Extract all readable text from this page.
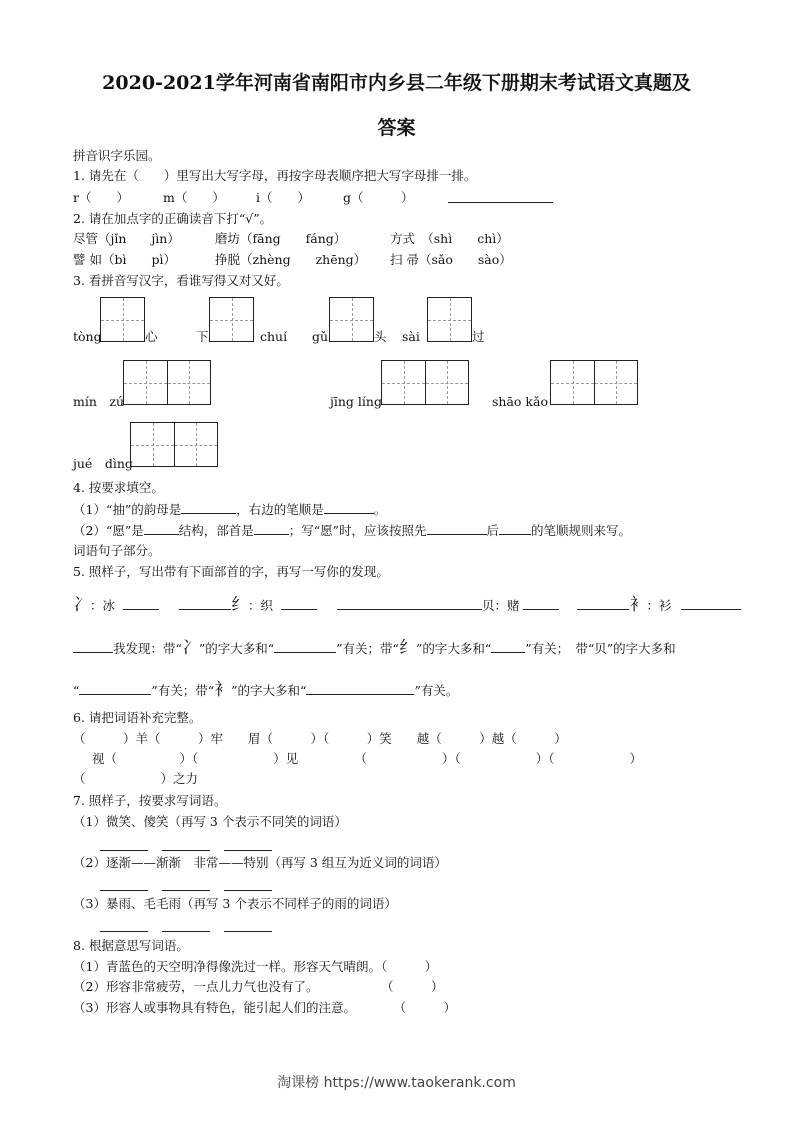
2020-2021学年河南省南阳市内乡县二年级下册期末考试语文真题及
答案
拼音识字乐园。
1. 请先在（　　）里写出大写字母，再按字母表顺序把大写字母排一排。
r（　　）	m（　　） i（　　）	g（　　　）
2. 请在加点字的正确读音下打“√”。
尽管（jǐn　　jìn）	磨坊（fāng　　fáng）	方式　（shì　　chì）
譬 如（bì　　pì）	挣脱（zhèng　　zhēng） 扫 帚（sǎo　　sào）
3. 看拼音写汉字，看谁写得又对又好。
tòng	心	下	chuí gǔ	头 sài	过
mín　zú	jīng líng	shāo kǎo
jué　dìng
4. 按要求填空。
（1）“抽”的韵母是	，右边的笔顺是	。
（2）“愿”是	结构，部首是	；写“愿”时，应该按照先	后	的笔顺规则来写。
词语句子部分。
5. 照样子，写出带有下面部首的字，再写一写你的发现。
冫：冰	纟：织	贝：赌	衤：衫
我发现：带“冫”的字大多和“	”有关；带“纟”的字大多和“	”有关；　带“贝”的字大多和
“	”有关；带“衤”的字大多和“	”有关。
6. 请把词语补充完整。
（　　　）羊（　　　）牢　　眉（　　　）（　　　）笑　　越（　　　）越（　　　）
视（　　　　　）（　　　　　　）见　　　　　（　　　　　　）（　　　　　　）（　　　　　　）
（　　　　　　）之力
7. 照样子，按要求写词语。
（1）微笑、傻笑（再写 3 个表示不同笑的词语）
（2）逐渐——渐渐　非常——特别（再写 3 组互为近义词的词语）
（3）暴雨、毛毛雨（再写 3 个表示不同样子的雨的词语）
8. 根据意思写词语。
（1）青蓝色的天空明净得像洗过一样。形容天气晴朗。（　　　）
（2）形容非常疲劳，一点儿力气也没有了。　　　　　　（　　　）
（3）形容人或事物具有特色，能引起人们的注意。　　　　（　　　）
淘课榜 https://www.taokerank.com
